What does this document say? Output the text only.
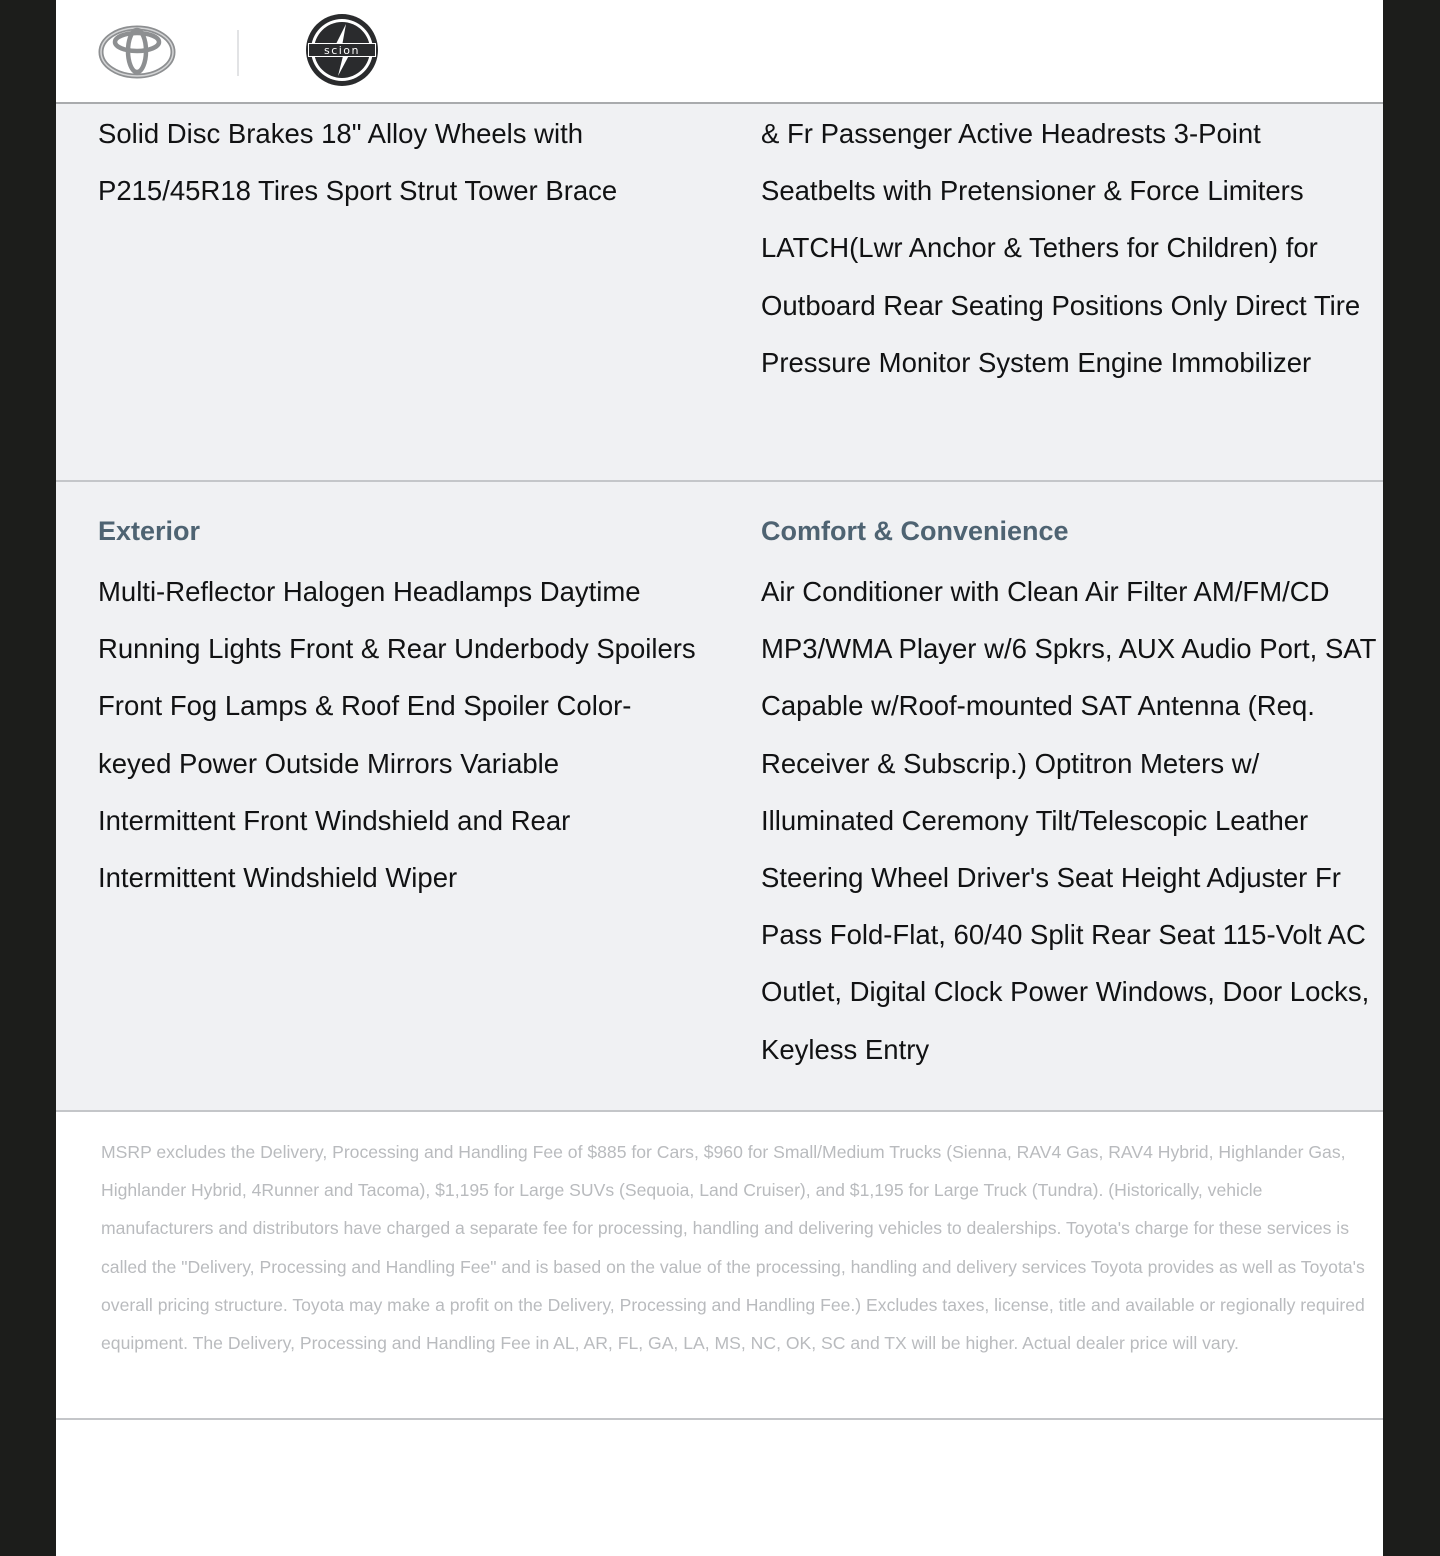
scion

Solid Disc Brakes 18" Alloy Wheels with P215/45R18 Tires Sport Strut Tower Brace

& Fr Passenger Active Headrests 3-Point Seatbelts with Pretensioner & Force Limiters LATCH(Lwr Anchor & Tethers for Children) for Outboard Rear Seating Positions Only Direct Tire Pressure Monitor System Engine Immobilizer

Exterior

Multi-Reflector Halogen Headlamps Daytime Running Lights Front & Rear Underbody Spoilers Front Fog Lamps & Roof End Spoiler Color-keyed Power Outside Mirrors Variable Intermittent Front Windshield and Rear Intermittent Windshield Wiper

Comfort & Convenience

Air Conditioner with Clean Air Filter AM/FM/CD MP3/WMA Player w/6 Spkrs, AUX Audio Port, SAT Capable w/Roof-mounted SAT Antenna (Req. Receiver & Subscrip.) Optitron Meters w/ Illuminated Ceremony Tilt/Telescopic Leather Steering Wheel Driver's Seat Height Adjuster Fr Pass Fold-Flat, 60/40 Split Rear Seat 115-Volt AC Outlet, Digital Clock Power Windows, Door Locks, Keyless Entry

MSRP excludes the Delivery, Processing and Handling Fee of $885 for Cars, $960 for Small/Medium Trucks (Sienna, RAV4 Gas, RAV4 Hybrid, Highlander Gas, Highlander Hybrid, 4Runner and Tacoma), $1,195 for Large SUVs (Sequoia, Land Cruiser), and $1,195 for Large Truck (Tundra). (Historically, vehicle manufacturers and distributors have charged a separate fee for processing, handling and delivering vehicles to dealerships. Toyota's charge for these services is called the "Delivery, Processing and Handling Fee" and is based on the value of the processing, handling and delivery services Toyota provides as well as Toyota's overall pricing structure. Toyota may make a profit on the Delivery, Processing and Handling Fee.) Excludes taxes, license, title and available or regionally required equipment. The Delivery, Processing and Handling Fee in AL, AR, FL, GA, LA, MS, NC, OK, SC and TX will be higher. Actual dealer price will vary.
